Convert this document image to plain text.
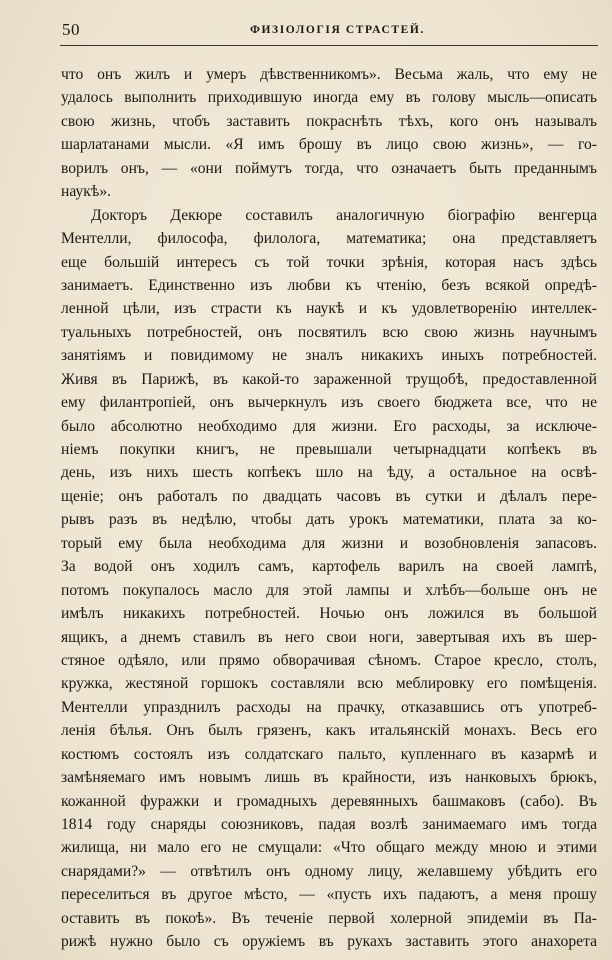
50	ФИЗІОЛОГІЯ СТРАСТЕЙ.
что онъ жилъ и умеръ дѣвственникомъ». Весьма жаль, что ему не
удалось выполнить приходившую иногда ему въ голову мысль—описать
свою жизнь, чтобъ заставить покраснѣть тѣхъ, кого онъ называлъ
шарлатанами мысли. «Я имъ брошу въ лицо свою жизнь», — го-
ворилъ онъ, — «они поймутъ тогда, что означаетъ быть преданнымъ
наукѣ».
Докторъ Декюре составилъ аналогичную біографію венгерца
Ментелли, философа, филолога, математика; она представляетъ
еще большій интересъ съ той точки зрѣнія, которая насъ здѣсь
занимаетъ. Единственно изъ любви къ чтенію, безъ всякой опредѣ-
ленной цѣли, изъ страсти къ наукѣ и къ удовлетворенію интеллек-
туальныхъ потребностей, онъ посвятилъ всю свою жизнь научнымъ
занятіямъ и повидимому не зналъ никакихъ иныхъ потребностей.
Живя въ Парижѣ, въ какой-то зараженной трущобѣ, предоставленной
ему филантропіей, онъ вычеркнулъ изъ своего бюджета все, что не
было абсолютно необходимо для жизни. Его расходы, за исключе-
ніемъ покупки книгъ, не превышали четырнадцати копѣекъ въ
день, изъ нихъ шесть копѣекъ шло на ѣду, а остальное на освѣ-
щеніе; онъ работалъ по двадцать часовъ въ сутки и дѣлалъ пере-
рывъ разъ въ недѣлю, чтобы дать урокъ математики, плата за ко-
торый ему была необходима для жизни и возобновленія запасовъ.
За водой онъ ходилъ самъ, картофель варилъ на своей лампѣ,
потомъ покупалось масло для этой лампы и хлѣбъ—больше онъ не
имѣлъ никакихъ потребностей. Ночью онъ ложился въ большой
ящикъ, а днемъ ставилъ въ него свои ноги, завертывая ихъ въ шер-
стяное одѣяло, или прямо обворачивая сѣномъ. Старое кресло, столъ,
кружка, жестяной горшокъ составляли всю меблировку его помѣщенія.
Ментелли упразднилъ расходы на прачку, отказавшись отъ употреб-
ленія бѣлья. Онъ былъ грязенъ, какъ итальянскій монахъ. Весь его
костюмъ состоялъ изъ солдатскаго пальто, купленнаго въ казармѣ и
замѣняемаго имъ новымъ лишь въ крайности, изъ нанковыхъ брюкъ,
кожанной фуражки и громадныхъ деревянныхъ башмаковъ (сабо). Въ
1814 году снаряды союзниковъ, падая возлѣ занимаемаго имъ тогда
жилища, ни мало его не смущали: «Что общаго между мною и этими
снарядами?» — отвѣтилъ онъ одному лицу, желавшему убѣдить его
переселиться въ другое мѣсто, — «пусть ихъ падаютъ, а меня прошу
оставить въ покоѣ». Въ теченіе первой холерной эпидеміи въ Па-
рижѣ нужно было съ оружіемъ въ рукахъ заставить этого анахорета
